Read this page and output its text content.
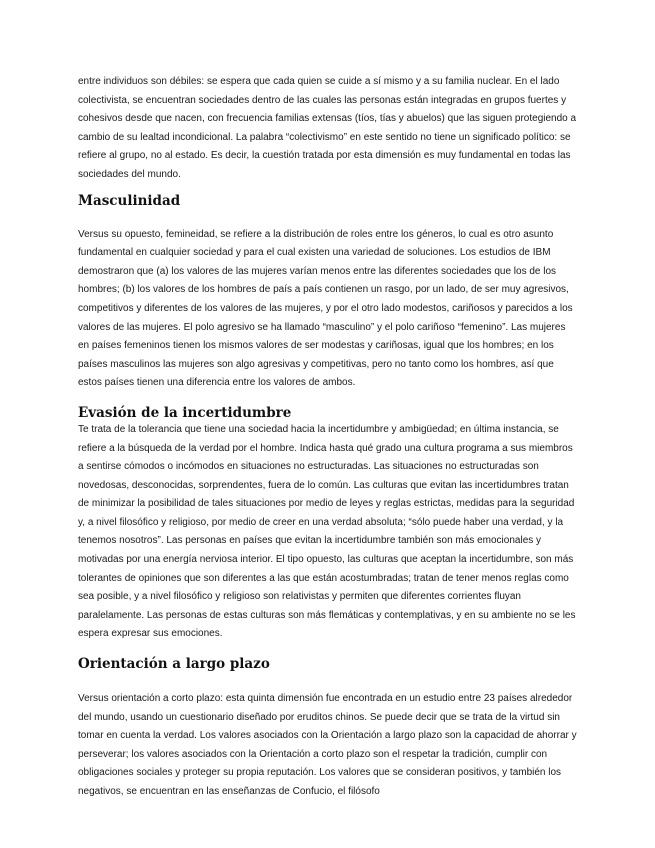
entre individuos son débiles: se espera que cada quien se cuide a sí mismo y a su familia nuclear. En el lado colectivista, se encuentran sociedades dentro de las cuales las personas están integradas en grupos fuertes y cohesivos desde que nacen, con frecuencia familias extensas (tíos, tías y abuelos) que las siguen protegiendo a cambio de su lealtad incondicional. La palabra “colectivismo” en este sentido no tiene un significado político: se refiere al grupo, no al estado. Es decir, la cuestión tratada por esta dimensión es muy fundamental en todas las sociedades del mundo.

Masculinidad

Versus su opuesto, femineidad, se refiere a la distribución de roles entre los géneros, lo cual es otro asunto fundamental en cualquier sociedad y para el cual existen una variedad de soluciones. Los estudios de IBM demostraron que (a) los valores de las mujeres varían menos entre las diferentes sociedades que los de los hombres; (b) los valores de los hombres de país a país contienen un rasgo, por un lado, de ser muy agresivos, competitivos y diferentes de los valores de las mujeres, y por el otro lado modestos, cariñosos y parecidos a los valores de las mujeres. El polo agresivo se ha llamado “masculino” y el polo cariñoso “femenino”. Las mujeres en países femeninos tienen los mismos valores de ser modestas y cariñosas, igual que los hombres; en los países masculinos las mujeres son algo agresivas y competitivas, pero no tanto como los hombres, así que estos países tienen una diferencia entre los valores de ambos.

Evasión de la incertidumbre

Te trata de la tolerancia que tiene una sociedad hacia la incertidumbre y ambigüedad; en última instancia, se refiere a la búsqueda de la verdad por el hombre. Indica hasta qué grado una cultura programa a sus miembros a sentirse cómodos o incómodos en situaciones no estructuradas. Las situaciones no estructuradas son novedosas, desconocidas, sorprendentes, fuera de lo común. Las culturas que evitan las incertidumbres tratan de minimizar la posibilidad de tales situaciones por medio de leyes y reglas estrictas, medidas para la seguridad y, a nivel filosófico y religioso, por medio de creer en una verdad absoluta; “sólo puede haber una verdad, y la tenemos nosotros”. Las personas en países que evitan la incertidumbre también son más emocionales y motivadas por una energía nerviosa interior. El tipo opuesto, las culturas que aceptan la incertidumbre, son más tolerantes de opiniones que son diferentes a las que están acostumbradas; tratan de tener menos reglas como sea posible, y a nivel filosófico y religioso son relativistas y permiten que diferentes corrientes fluyan paralelamente. Las personas de estas culturas son más flemáticas y contemplativas, y en su ambiente no se les espera expresar sus emociones.

Orientación a largo plazo

Versus orientación a corto plazo: esta quinta dimensión fue encontrada en un estudio entre 23 países alrededor del mundo, usando un cuestionario diseñado por eruditos chinos. Se puede decir que se trata de la virtud sin tomar en cuenta la verdad. Los valores asociados con la Orientación a largo plazo son la capacidad de ahorrar y perseverar; los valores asociados con la Orientación a corto plazo son el respetar la tradición, cumplir con obligaciones sociales y proteger su propia reputación. Los valores que se consideran positivos, y también los negativos, se encuentran en las enseñanzas de Confucio, el filósofo
